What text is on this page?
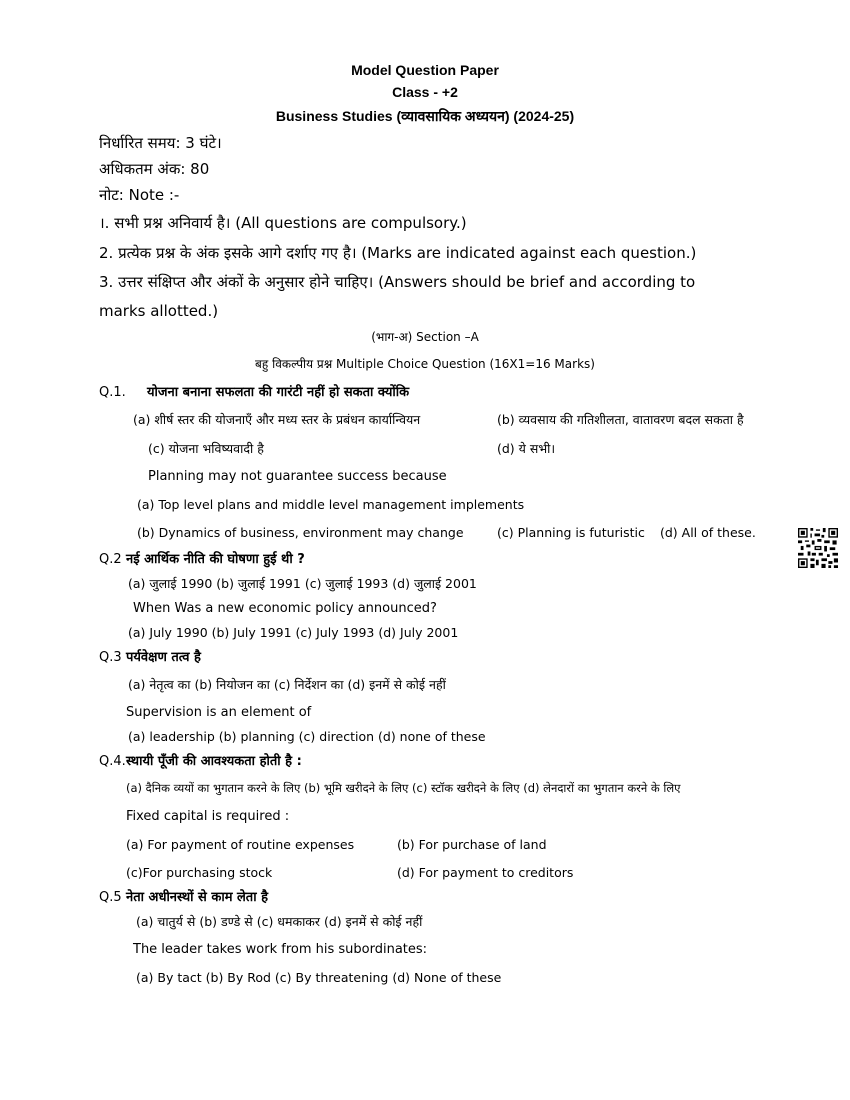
Model Question Paper
Class - +2
Business Studies (व्यावसायिक अध्ययन) (2024-25)
निर्धारित समय: 3 घंटे।
अधिकतम अंक: 80
नोट: Note :-
।. सभी प्रश्न अनिवार्य है। (All questions are compulsory.)
2. प्रत्येक प्रश्न के अंक इसके आगे दर्शाए गए है। (Marks are indicated against each question.)
3. उत्तर संक्षिप्त और अंकों के अनुसार होने चाहिए। (Answers should be brief and according to
marks allotted.)
(भाग-अ) Section –A
बहु विकल्पीय प्रश्न Multiple Choice Question (16X1=16 Marks)
Q.1. योजना बनाना सफलता की गारंटी नहीं हो सकता क्योंकि
(a) शीर्ष स्तर की योजनाएँ और मध्य स्तर के प्रबंधन कार्यान्वियन	(b) व्यवसाय की गतिशीलता, वातावरण बदल सकता है
(c) योजना भविष्यवादी है	(d) ये सभी।
Planning may not guarantee success because
(a) Top level plans and middle level management implements
(b) Dynamics of business, environment may change	(c) Planning is futuristic (d) All of these.
Q.2 नई आर्थिक नीति की घोषणा हुई थी ?
(a) जुलाई 1990 (b) जुलाई 1991 (c) जुलाई 1993 (d) जुलाई 2001
When Was a new economic policy announced?
(a) July 1990 (b) July 1991 (c) July 1993 (d) July 2001
Q.3 पर्यवेक्षण तत्व है
(a) नेतृत्व का (b) नियोजन का (c) निर्देशन का (d) इनमें से कोई नहीं
Supervision is an element of
(a) leadership (b) planning (c) direction (d) none of these
Q.4. स्थायी पूँजी की आवश्यकता होती है :
(a) दैनिक व्ययों का भुगतान करने के लिए (b) भूमि खरीदने के लिए (c) स्टॉक खरीदने के लिए (d) लेनदारों का भुगतान करने के लिए
Fixed capital is required :
(a) For payment of routine expenses	(b) For purchase of land
(c)For purchasing stock	(d) For payment to creditors
Q.5 नेता अधीनस्थों से काम लेता है
(a) चातुर्य से (b) डण्डे से (c) धमकाकर (d) इनमें से कोई नहीं
The leader takes work from his subordinates:
(a) By tact (b) By Rod (c) By threatening (d) None of these
